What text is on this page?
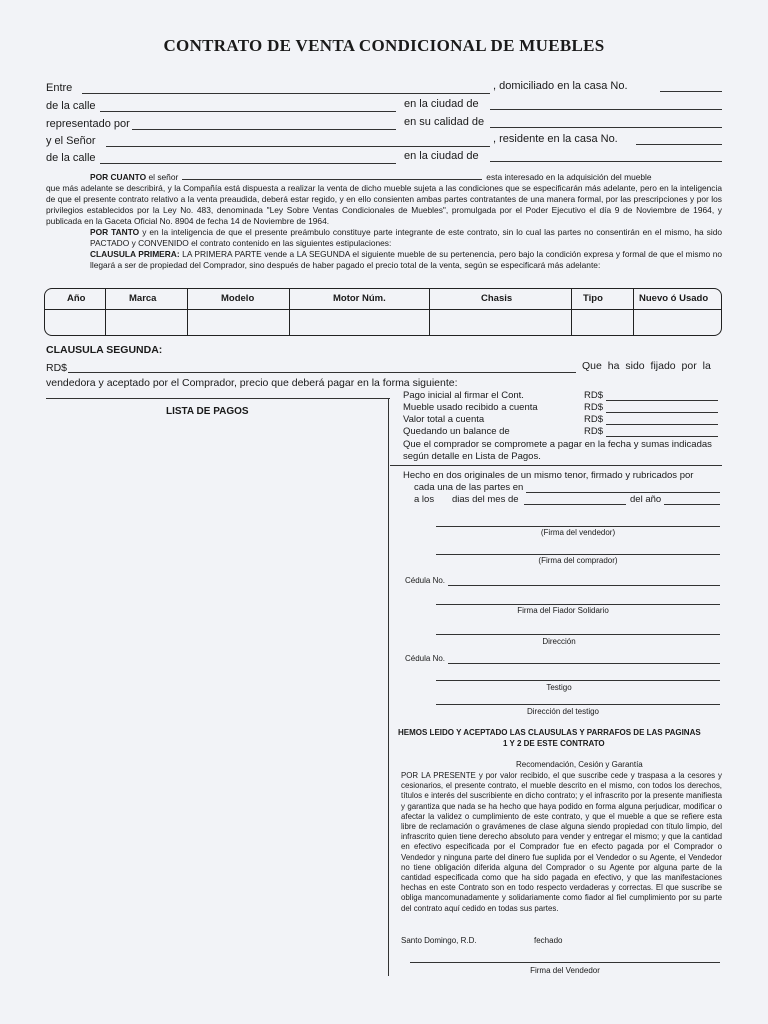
CONTRATO DE VENTA CONDICIONAL DE MUEBLES
Entre	, domiciliado en la casa No.
de la calle	en la ciudad de
representado por	en su calidad de
y el Señor	, residente en la casa No.
de la calle	en la ciudad de
POR CUANTO el señor	esta interesado en la adquisición del mueble
que más adelante se describirá, y la Compañía está dispuesta a realizar la venta de dicho mueble sujeta a las condiciones que se especificarán más adelante, pero en la inteligencia de que el presente contrato relativo a la venta preaudida, deberá estar regido, y en ello consienten ambas partes contratantes de una manera formal, por las prescripciones y por los privilegios establecidos por la Ley No. 483, denominada "Ley Sobre Ventas Condicionales de Muebles", promulgada por el Poder Ejecutivo el día 9 de Noviembre de 1964, y publicada en la Gaceta Oficial No. 8904 de fecha 14 de Noviembre de 1964.
POR TANTO y en la inteligencia de que el presente preámbulo constituye parte integrante de este contrato, sin lo cual las partes no consentirán en el mismo, ha sido PACTADO y CONVENIDO el contrato contenido en las siguientes estipulaciones:
CLAUSULA PRIMERA: LA PRIMERA PARTE vende a LA SEGUNDA el siguiente mueble de su pertenencia, pero bajo la condición expresa y formal de que el mismo no llegará a ser de propiedad del Comprador, sino después de haber pagado el precio total de la venta, según se especificará más adelante:
Año	Marca	Modelo	Motor Núm.	Chasis	Tipo	Nuevo ó Usado
CLAUSULA SEGUNDA:
RD$	Que ha sido fijado por la
vendedora y aceptado por el Comprador, precio que deberá pagar en la forma siguiente:
LISTA DE PAGOS
Pago inicial al firmar el Cont.	RD$
Mueble usado recibido a cuenta	RD$
Valor total a cuenta	RD$
Quedando un balance de	RD$
Que el comprador se compromete a pagar en la fecha y sumas indicadas según detalle en Lista de Pagos.
Hecho en dos originales de un mismo tenor, firmado y rubricados por
cada una de las partes en
a los dias del mes de	del año
(Firma del vendedor)
(Firma del comprador)
Cédula No.
Firma del Fiador Solidario
Dirección
Cédula No.
Testigo
Dirección del testigo
HEMOS LEIDO Y ACEPTADO LAS CLAUSULAS Y PARRAFOS DE LAS PAGINAS
1 Y 2 DE ESTE CONTRATO
Recomendación, Cesión y Garantía
POR LA PRESENTE y por valor recibido, el que suscribe cede y traspasa a la cesores y cesionarios, el presente contrato, el mueble descrito en el mismo, con todos los derechos, títulos e interés del suscribiente en dicho contrato; y el infrascrito por la presente manifiesta y garantiza que nada se ha hecho que haya podido en forma alguna perjudicar, modificar o afectar la validez o cumplimiento de este contrato, y que el mueble a que se refiere esta libre de reclamación o gravámenes de clase alguna siendo propiedad con título limpio, del infrascrito quien tiene derecho absoluto para vender y entregar el mismo; y que la cantidad en efectivo especificada por el Comprador fue en efecto pagada por el Comprador o Vendedor y ninguna parte del dinero fue suplida por el Vendedor o su Agente, el Vendedor no tiene obligación diferida alguna del Comprador o su Agente por alguna parte de la cantidad especificada como que ha sido pagada en efectivo, y que las manifestaciones hechas en este Contrato son en todo respecto verdaderas y correctas. El que suscribe se obliga mancomunadamente y solidariamente como fiador al fiel cumplimiento por su parte del contrato aquí cedido en todas sus partes.
Santo Domingo, R.D.	fechado
Firma del Vendedor
